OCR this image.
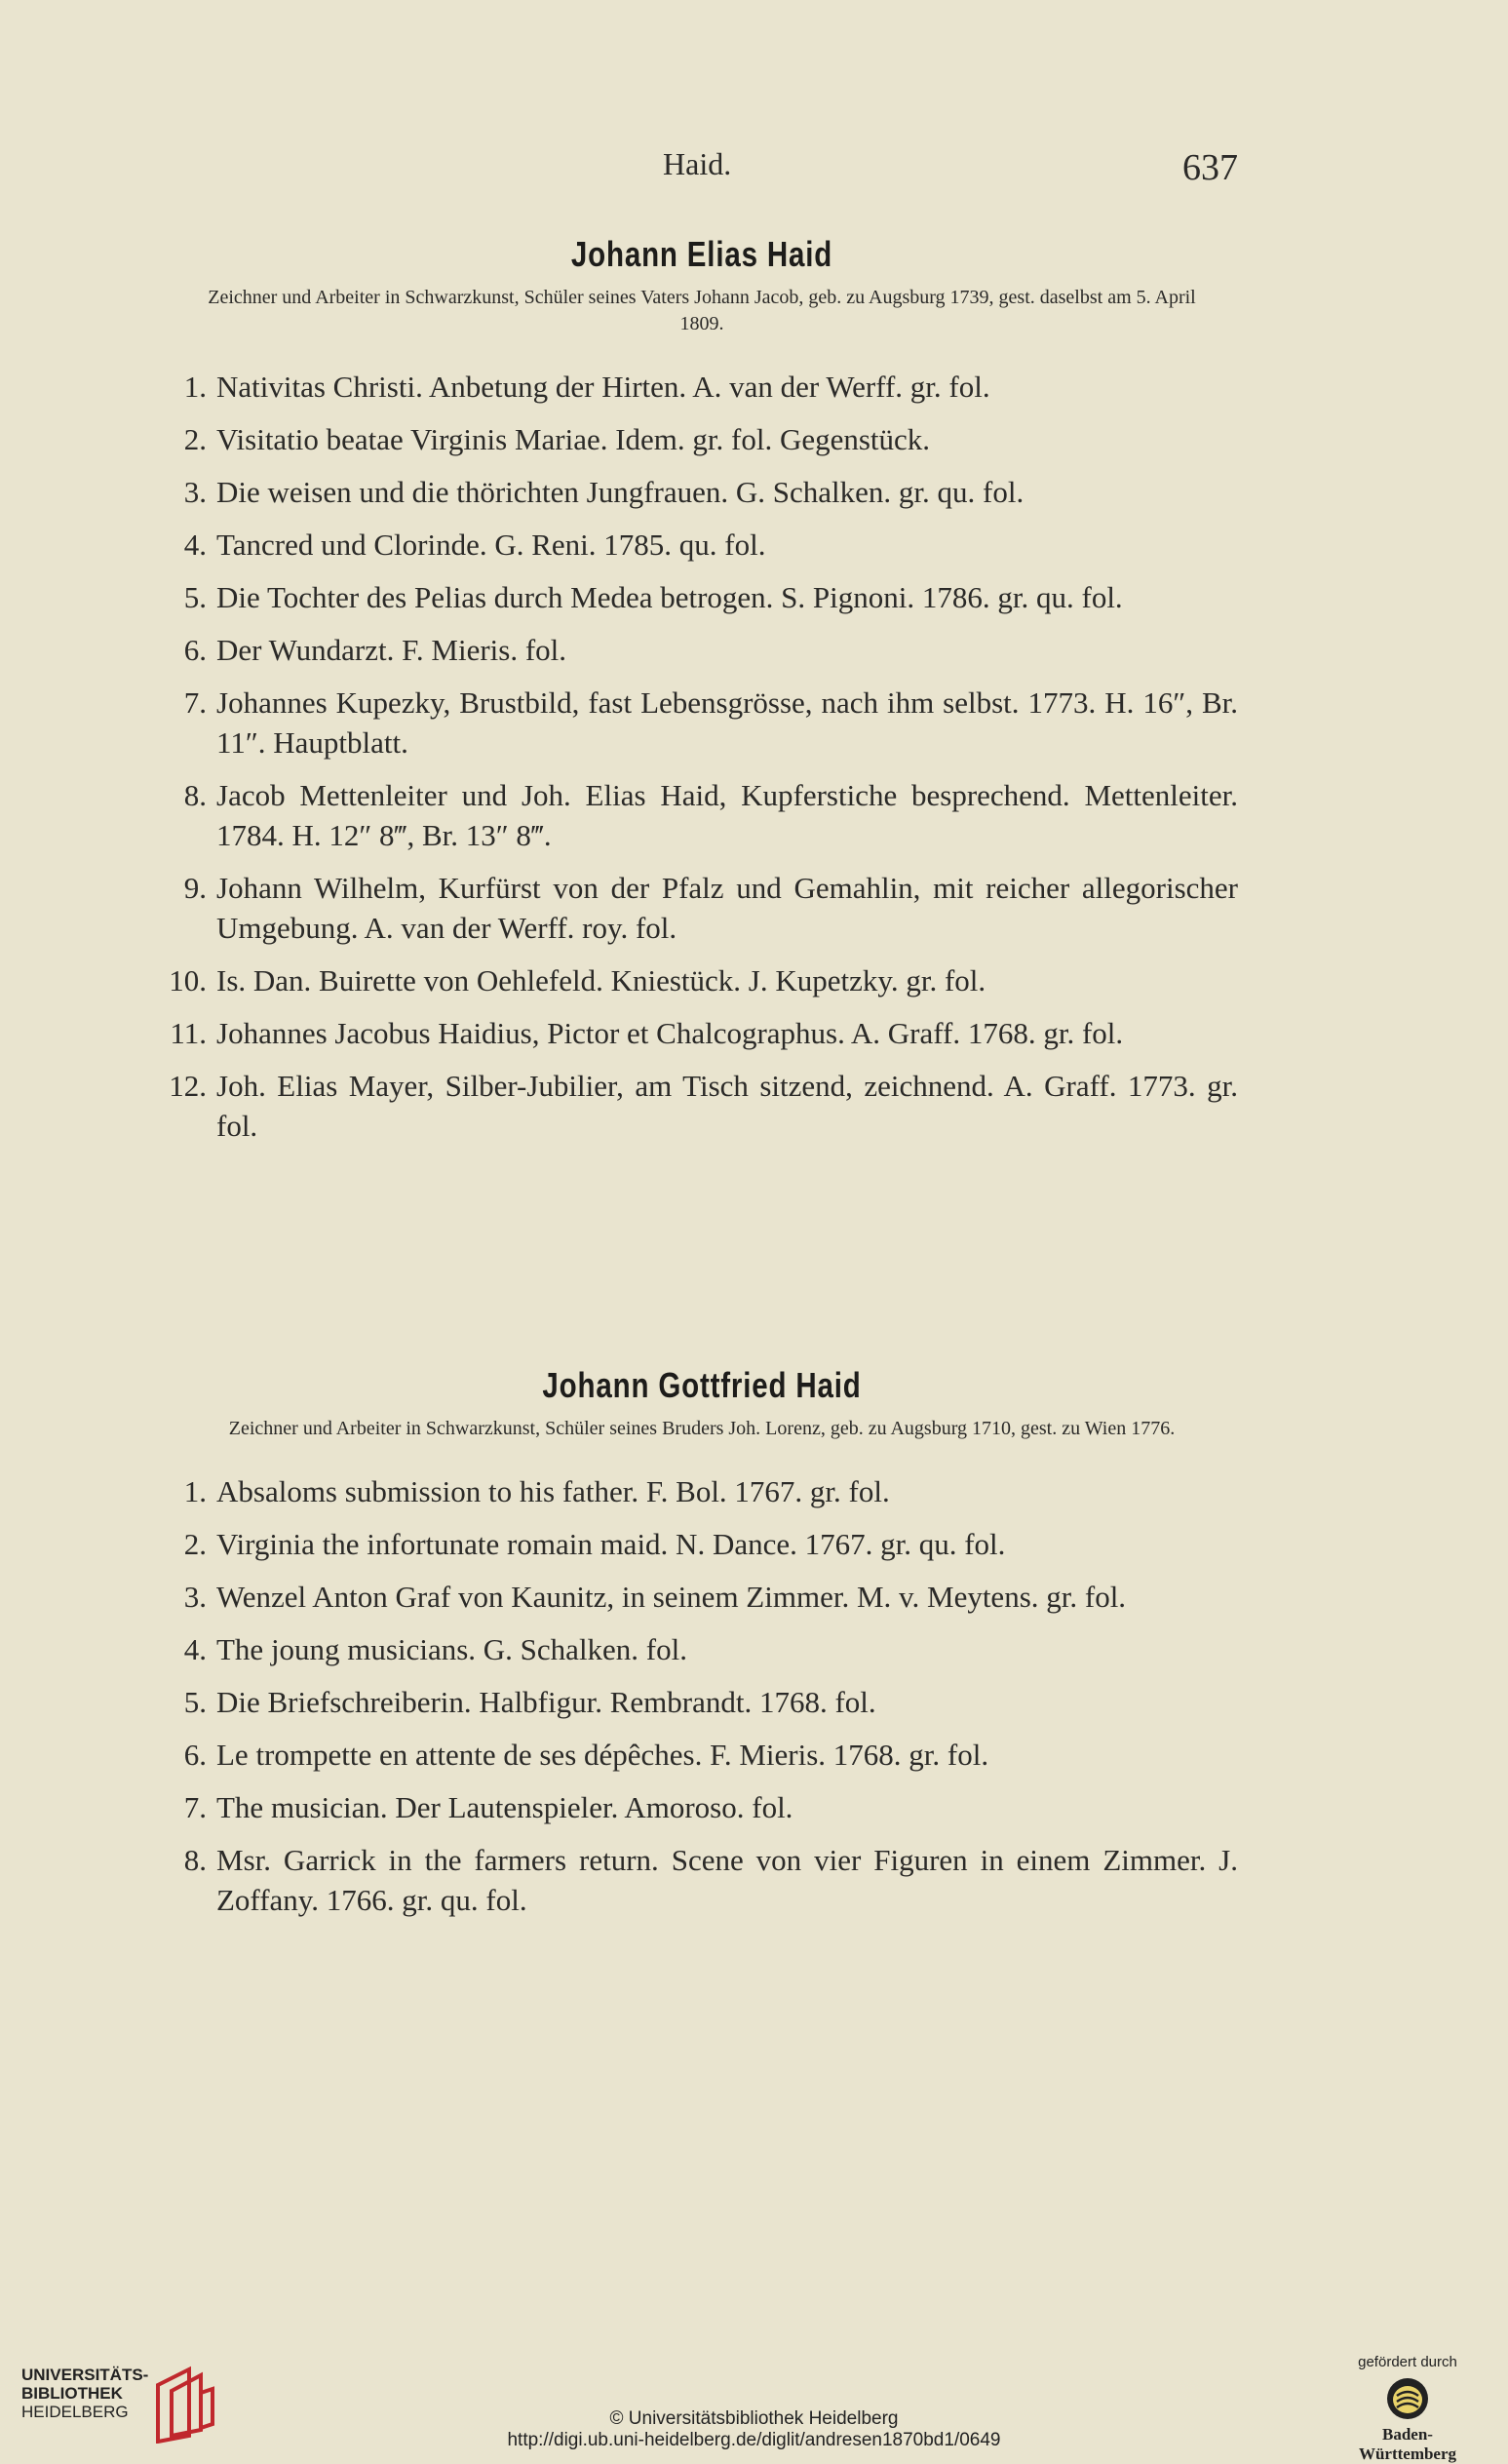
Haid.	637
Johann Elias Haid
Zeichner und Arbeiter in Schwarzkunst, Schüler seines Vaters Johann Jacob, geb. zu Augsburg 1739, gest. daselbst am 5. April 1809.
1. Nativitas Christi. Anbetung der Hirten. A. van der Werff. gr. fol.
2. Visitatio beatae Virginis Mariae. Idem. gr. fol. Gegenstück.
3. Die weisen und die thörichten Jungfrauen. G. Schalken. gr. qu. fol.
4. Tancred und Clorinde. G. Reni. 1785. qu. fol.
5. Die Tochter des Pelias durch Medea betrogen. S. Pignoni. 1786. gr. qu. fol.
6. Der Wundarzt. F. Mieris. fol.
7. Johannes Kupezky, Brustbild, fast Lebensgrösse, nach ihm selbst. 1773. H. 16″, Br. 11″. Hauptblatt.
8. Jacob Mettenleiter und Joh. Elias Haid, Kupferstiche besprechend. Mettenleiter. 1784. H. 12″ 8‴, Br. 13″ 8‴.
9. Johann Wilhelm, Kurfürst von der Pfalz und Gemahlin, mit reicher allegorischer Umgebung. A. van der Werff. roy. fol.
10. Is. Dan. Buirette von Oehlefeld. Kniestück. J. Kupetzky. gr. fol.
11. Johannes Jacobus Haidius, Pictor et Chalcographus. A. Graff. 1768. gr. fol.
12. Joh. Elias Mayer, Silber-Jubilier, am Tisch sitzend, zeichnend. A. Graff. 1773. gr. fol.
Johann Gottfried Haid
Zeichner und Arbeiter in Schwarzkunst, Schüler seines Bruders Joh. Lorenz, geb. zu Augsburg 1710, gest. zu Wien 1776.
1. Absaloms submission to his father. F. Bol. 1767. gr. fol.
2. Virginia the infortunate romain maid. N. Dance. 1767. gr. qu. fol.
3. Wenzel Anton Graf von Kaunitz, in seinem Zimmer. M. v. Meytens. gr. fol.
4. The joung musicians. G. Schalken. fol.
5. Die Briefschreiberin. Halbfigur. Rembrandt. 1768. fol.
6. Le trompette en attente de ses dépêches. F. Mieris. 1768. gr. fol.
7. The musician. Der Lautenspieler. Amoroso. fol.
8. Msr. Garrick in the farmers return. Scene von vier Figuren in einem Zimmer. J. Zoffany. 1766. gr. qu. fol.
UNIVERSITÄTS-
BIBLIOTHEK
HEIDELBERG	© Universitätsbibliothek Heidelberg
http://digi.ub.uni-heidelberg.de/diglit/andresen1870bd1/0649
gefördert durch
Baden-Württemberg
